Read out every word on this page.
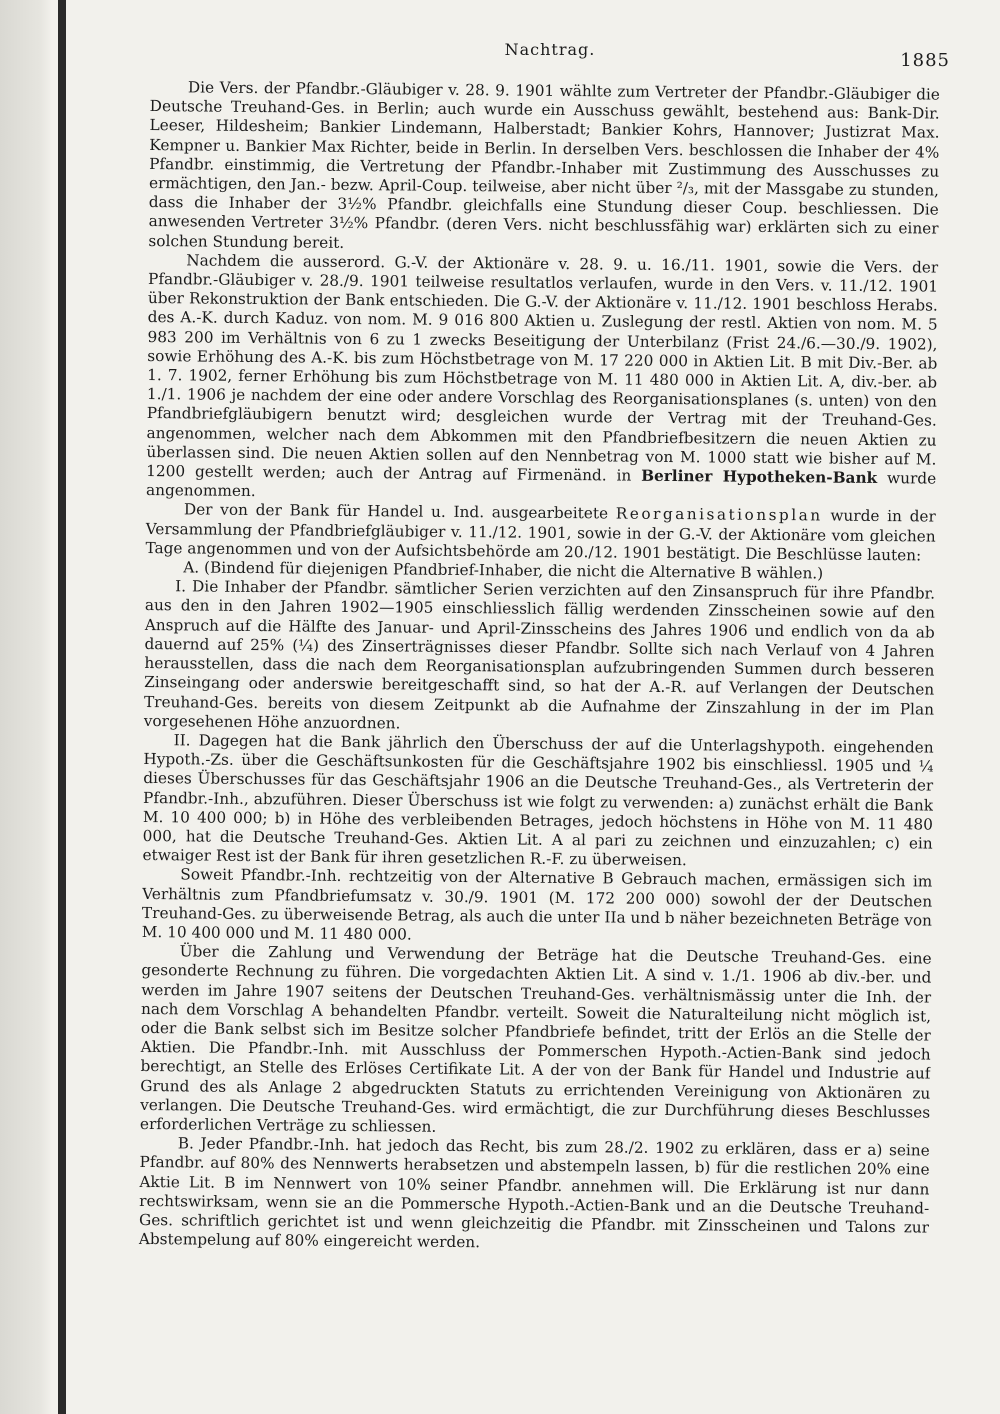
Nachtrag.
1885

Die Vers. der Pfandbr.-Gläubiger v. 28. 9. 1901 wählte zum Vertreter der Pfandbr.-Gläubiger die Deutsche Treuhand-Ges. in Berlin; auch wurde ein Ausschuss gewählt, bestehend aus: Bank-Dir. Leeser, Hildesheim; Bankier Lindemann, Halberstadt; Bankier Kohrs, Hannover; Justizrat Max. Kempner u. Bankier Max Richter, beide in Berlin. In derselben Vers. beschlossen die Inhaber der 4% Pfandbr. einstimmig, die Vertretung der Pfandbr.-Inhaber mit Zustimmung des Ausschusses zu ermächtigen, den Jan.- bezw. April-Coup. teilweise, aber nicht über ²/₃, mit der Massgabe zu stunden, dass die Inhaber der 3½% Pfandbr. gleichfalls eine Stundung dieser Coup. beschliessen. Die anwesenden Vertreter 3½% Pfandbr. (deren Vers. nicht beschlussfähig war) erklärten sich zu einer solchen Stundung bereit.

Nachdem die ausserord. G.-V. der Aktionäre v. 28. 9. u. 16./11. 1901, sowie die Vers. der Pfandbr.-Gläubiger v. 28./9. 1901 teilweise resultatlos verlaufen, wurde in den Vers. v. 11./12. 1901 über Rekonstruktion der Bank entschieden. Die G.-V. der Aktionäre v. 11./12. 1901 beschloss Herabs. des A.-K. durch Kaduz. von nom. M. 9 016 800 Aktien u. Zuslegung der restl. Aktien von nom. M. 5 983 200 im Verhältnis von 6 zu 1 zwecks Beseitigung der Unterbilanz (Frist 24./6.—30./9. 1902), sowie Erhöhung des A.-K. bis zum Höchstbetrage von M. 17 220 000 in Aktien Lit. B mit Div.-Ber. ab 1. 7. 1902, ferner Erhöhung bis zum Höchstbetrage von M. 11 480 000 in Aktien Lit. A, div.-ber. ab 1./1. 1906 je nachdem der eine oder andere Vorschlag des Reorganisationsplanes (s. unten) von den Pfandbriefgläubigern benutzt wird; desgleichen wurde der Vertrag mit der Treuhand-Ges. angenommen, welcher nach dem Abkommen mit den Pfandbriefbesitzern die neuen Aktien zu überlassen sind. Die neuen Aktien sollen auf den Nennbetrag von M. 1000 statt wie bisher auf M. 1200 gestellt werden; auch der Antrag auf Firmenänd. in Berliner Hypotheken-Bank wurde angenommen.

Der von der Bank für Handel u. Ind. ausgearbeitete Reorganisationsplan wurde in der Versammlung der Pfandbriefgläubiger v. 11./12. 1901, sowie in der G.-V. der Aktionäre vom gleichen Tage angenommen und von der Aufsichtsbehörde am 20./12. 1901 bestätigt. Die Beschlüsse lauten:

A. (Bindend für diejenigen Pfandbrief-Inhaber, die nicht die Alternative B wählen.)

I. Die Inhaber der Pfandbr. sämtlicher Serien verzichten auf den Zinsanspruch für ihre Pfandbr. aus den in den Jahren 1902—1905 einschliesslich fällig werdenden Zinsscheinen sowie auf den Anspruch auf die Hälfte des Januar- und April-Zinsscheins des Jahres 1906 und endlich von da ab dauernd auf 25% (¼) des Zinserträgnisses dieser Pfandbr. Sollte sich nach Verlauf von 4 Jahren herausstellen, dass die nach dem Reorganisationsplan aufzubringenden Summen durch besseren Zinseingang oder anderswie bereitgeschafft sind, so hat der A.-R. auf Verlangen der Deutschen Treuhand-Ges. bereits von diesem Zeitpunkt ab die Aufnahme der Zinszahlung in der im Plan vorgesehenen Höhe anzuordnen.

II. Dagegen hat die Bank jährlich den Überschuss der auf die Unterlagshypoth. eingehenden Hypoth.-Zs. über die Geschäftsunkosten für die Geschäftsjahre 1902 bis einschliessl. 1905 und ¼ dieses Überschusses für das Geschäftsjahr 1906 an die Deutsche Treuhand-Ges., als Vertreterin der Pfandbr.-Inh., abzuführen. Dieser Überschuss ist wie folgt zu verwenden: a) zunächst erhält die Bank M. 10 400 000; b) in Höhe des verbleibenden Betrages, jedoch höchstens in Höhe von M. 11 480 000, hat die Deutsche Treuhand-Ges. Aktien Lit. A al pari zu zeichnen und einzuzahlen; c) ein etwaiger Rest ist der Bank für ihren gesetzlichen R.-F. zu überweisen.

Soweit Pfandbr.-Inh. rechtzeitig von der Alternative B Gebrauch machen, ermässigen sich im Verhältnis zum Pfandbriefumsatz v. 30./9. 1901 (M. 172 200 000) sowohl der der Deutschen Treuhand-Ges. zu überweisende Betrag, als auch die unter IIa und b näher bezeichneten Beträge von M. 10 400 000 und M. 11 480 000.

Über die Zahlung und Verwendung der Beträge hat die Deutsche Treuhand-Ges. eine gesonderte Rechnung zu führen. Die vorgedachten Aktien Lit. A sind v. 1./1. 1906 ab div.-ber. und werden im Jahre 1907 seitens der Deutschen Treuhand-Ges. verhältnismässig unter die Inh. der nach dem Vorschlag A behandelten Pfandbr. verteilt. Soweit die Naturalteilung nicht möglich ist, oder die Bank selbst sich im Besitze solcher Pfandbriefe befindet, tritt der Erlös an die Stelle der Aktien. Die Pfandbr.-Inh. mit Ausschluss der Pommerschen Hypoth.-Actien-Bank sind jedoch berechtigt, an Stelle des Erlöses Certifikate Lit. A der von der Bank für Handel und Industrie auf Grund des als Anlage 2 abgedruckten Statuts zu errichtenden Vereinigung von Aktionären zu verlangen. Die Deutsche Treuhand-Ges. wird ermächtigt, die zur Durchführung dieses Beschlusses erforderlichen Verträge zu schliessen.

B. Jeder Pfandbr.-Inh. hat jedoch das Recht, bis zum 28./2. 1902 zu erklären, dass er a) seine Pfandbr. auf 80% des Nennwerts herabsetzen und abstempeln lassen, b) für die restlichen 20% eine Aktie Lit. B im Nennwert von 10% seiner Pfandbr. annehmen will. Die Erklärung ist nur dann rechtswirksam, wenn sie an die Pommersche Hypoth.-Actien-Bank und an die Deutsche Treuhand-Ges. schriftlich gerichtet ist und wenn gleichzeitig die Pfandbr. mit Zinsscheinen und Talons zur Abstempelung auf 80% eingereicht werden.
